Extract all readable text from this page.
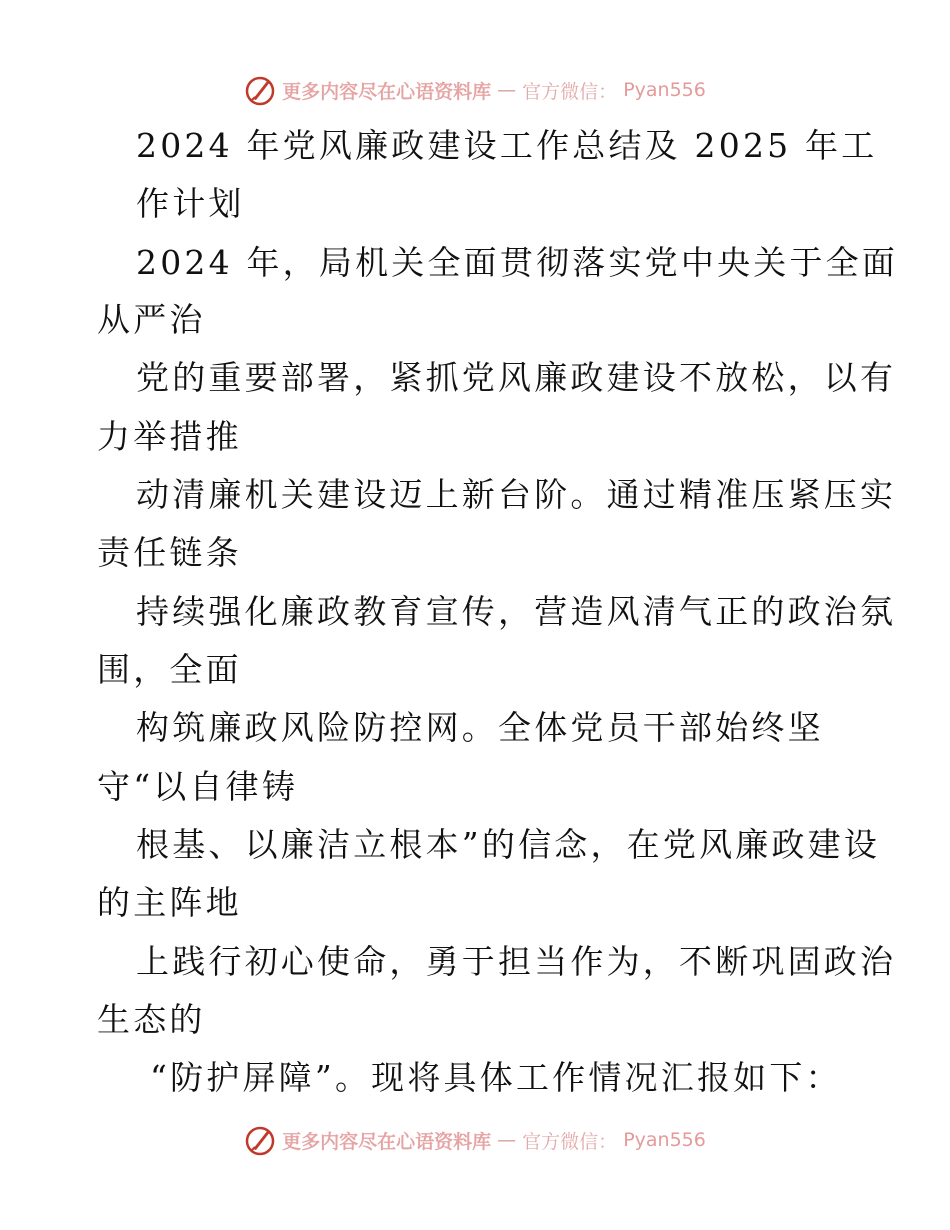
更多内容尽在心语资料库 — 官方微信： Pyan556
2024 年党风廉政建设工作总结及 2025 年工
作计划
2024 年，局机关全面贯彻落实党中央关于全面
从严治
党的重要部署，紧抓党风廉政建设不放松，以有
力举措推
动清廉机关建设迈上新台阶。通过精准压紧压实
责任链条
持续强化廉政教育宣传，营造风清气正的政治氛
围，全面
构筑廉政风险防控网。全体党员干部始终坚
守“以自律铸
根基、以廉洁立根本”的信念，在党风廉政建设
的主阵地
上践行初心使命，勇于担当作为，不断巩固政治
生态的
“防护屏障”。现将具体工作情况汇报如下：
更多内容尽在心语资料库 — 官方微信： Pyan556
